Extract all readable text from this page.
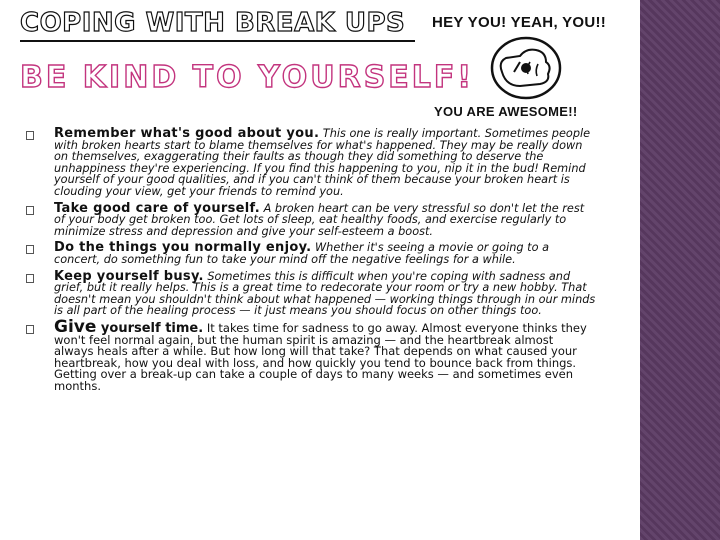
COPING WITH BREAK UPS
BE KIND TO YOURSELF!
HEY YOU! YEAH, YOU!!
YOU ARE AWESOME!!
Remember what's good about you. This one is really important. Sometimes people with broken hearts start to blame themselves for what's happened. They may be really down on themselves, exaggerating their faults as though they did something to deserve the unhappiness they're experiencing. If you find this happening to you, nip it in the bud! Remind yourself of your good qualities, and if you can't think of them because your broken heart is clouding your view, get your friends to remind you.
Take good care of yourself. A broken heart can be very stressful so don't let the rest of your body get broken too. Get lots of sleep, eat healthy foods, and exercise regularly to minimize stress and depression and give your self-esteem a boost.
Do the things you normally enjoy. Whether it's seeing a movie or going to a concert, do something fun to take your mind off the negative feelings for a while.
Keep yourself busy. Sometimes this is difficult when you're coping with sadness and grief, but it really helps. This is a great time to redecorate your room or try a new hobby. That doesn't mean you shouldn't think about what happened — working things through in our minds is all part of the healing process — it just means you should focus on other things too.
Give yourself time. It takes time for sadness to go away. Almost everyone thinks they won't feel normal again, but the human spirit is amazing — and the heartbreak almost always heals after a while. But how long will that take? That depends on what caused your heartbreak, how you deal with loss, and how quickly you tend to bounce back from things. Getting over a break-up can take a couple of days to many weeks — and sometimes even months.
